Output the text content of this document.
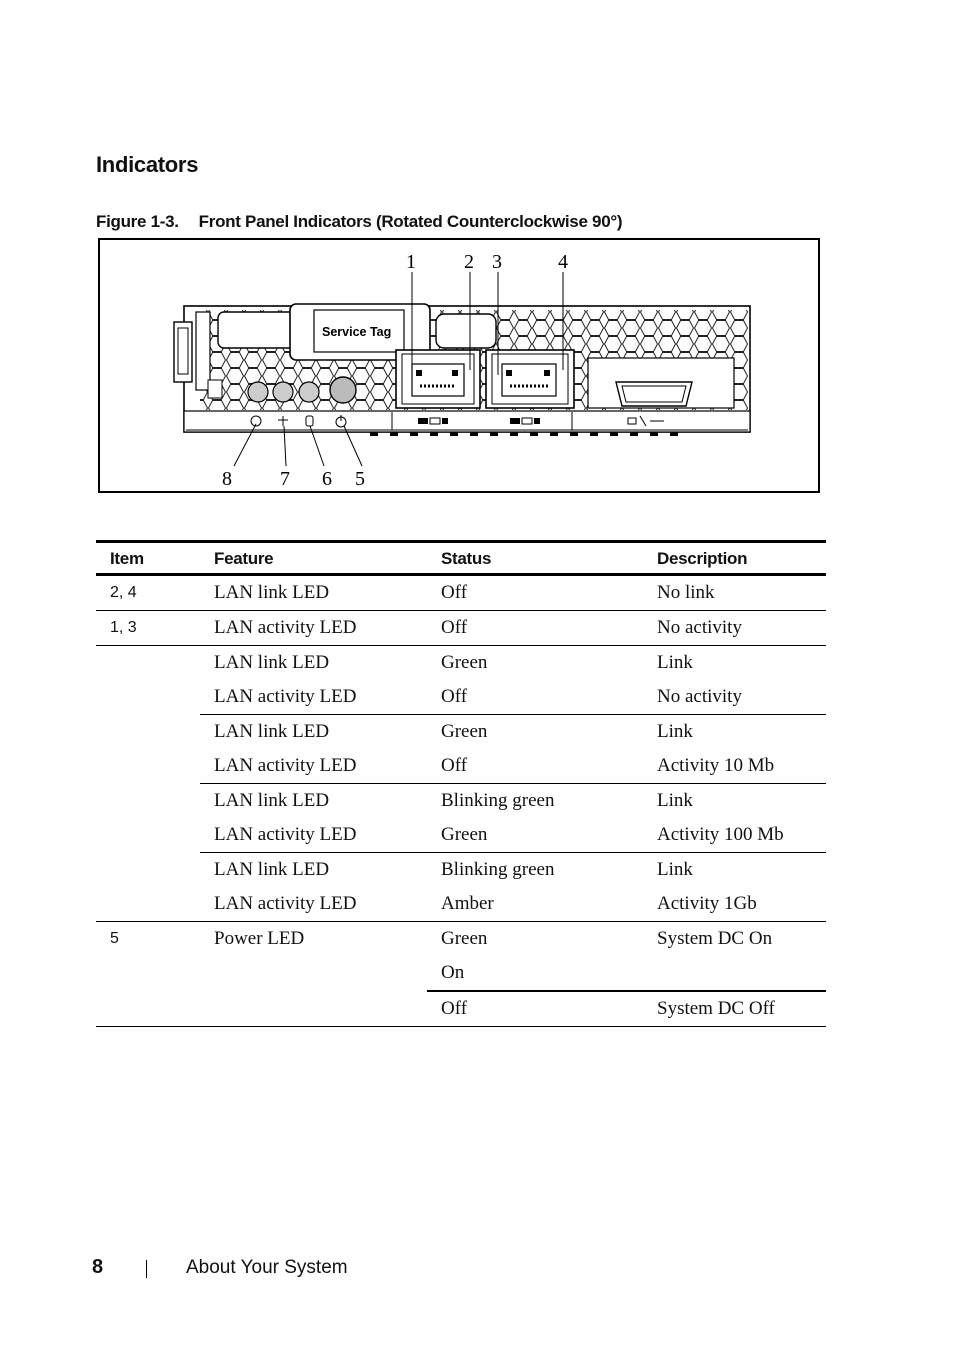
Indicators
Figure 1-3. Front Panel Indicators (Rotated Counterclockwise 90°)
Service Tag
1 2 3	4
8 7 6 5
Item	Feature	Status	Description
2, 4	LAN link LED	Off	No link
1, 3	LAN activity LED	Off	No activity
	LAN link LED	Green	Link
	LAN activity LED	Off	No activity
	LAN link LED	Green	Link
	LAN activity LED	Off	Activity 10 Mb
	LAN link LED	Blinking green	Link
	LAN activity LED	Green	Activity 100 Mb
	LAN link LED	Blinking green	Link
	LAN activity LED	Amber	Activity 1Gb
5	Power LED	Green	System DC On
		On	
		Off	System DC Off
8	About Your System
